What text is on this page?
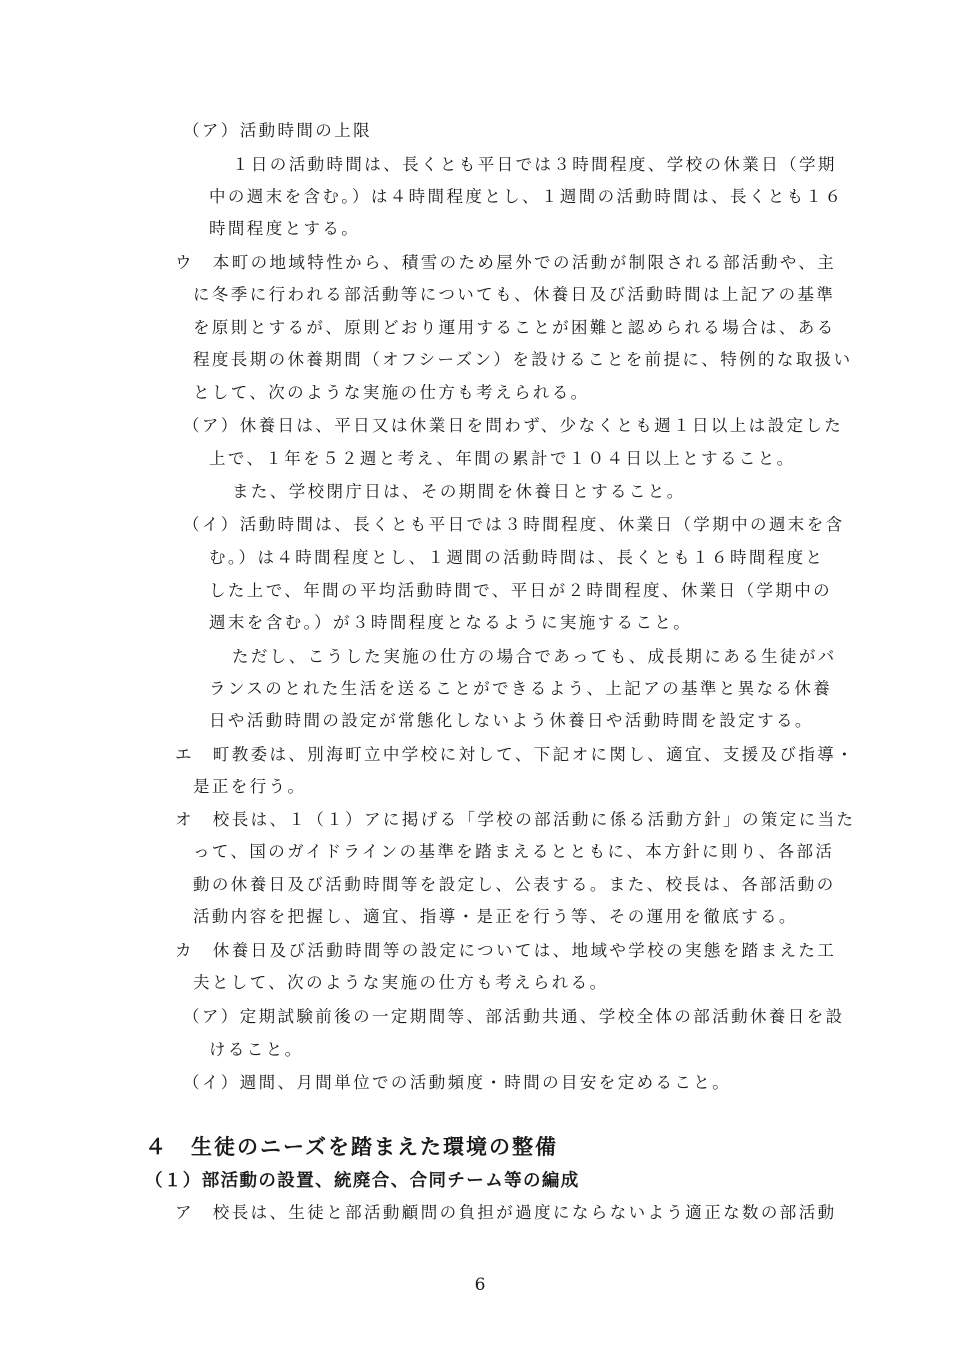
（ア）活動時間の上限
１日の活動時間は、長くとも平日では３時間程度、学校の休業日（学期
中の週末を含む。）は４時間程度とし、１週間の活動時間は、長くとも１６
時間程度とする。
ウ　本町の地域特性から、積雪のため屋外での活動が制限される部活動や、主
に冬季に行われる部活動等についても、休養日及び活動時間は上記アの基準
を原則とするが、原則どおり運用することが困難と認められる場合は、ある
程度長期の休養期間（オフシーズン）を設けることを前提に、特例的な取扱い
として、次のような実施の仕方も考えられる。
（ア）休養日は、平日又は休業日を問わず、少なくとも週１日以上は設定した
上で、１年を５２週と考え、年間の累計で１０４日以上とすること。
また、学校閉庁日は、その期間を休養日とすること。
（イ）活動時間は、長くとも平日では３時間程度、休業日（学期中の週末を含
む。）は４時間程度とし、１週間の活動時間は、長くとも１６時間程度と
した上で、年間の平均活動時間で、平日が２時間程度、休業日（学期中の
週末を含む。）が３時間程度となるように実施すること。
ただし、こうした実施の仕方の場合であっても、成長期にある生徒がバ
ランスのとれた生活を送ることができるよう、上記アの基準と異なる休養
日や活動時間の設定が常態化しないよう休養日や活動時間を設定する。
エ　町教委は、別海町立中学校に対して、下記オに関し、適宜、支援及び指導・
是正を行う。
オ　校長は、１（１）アに掲げる「学校の部活動に係る活動方針」の策定に当た
って、国のガイドラインの基準を踏まえるとともに、本方針に則り、各部活
動の休養日及び活動時間等を設定し、公表する。また、校長は、各部活動の
活動内容を把握し、適宜、指導・是正を行う等、その運用を徹底する。
カ　休養日及び活動時間等の設定については、地域や学校の実態を踏まえた工
夫として、次のような実施の仕方も考えられる。
（ア）定期試験前後の一定期間等、部活動共通、学校全体の部活動休養日を設
けること。
（イ）週間、月間単位での活動頻度・時間の目安を定めること。
４　生徒のニーズを踏まえた環境の整備
（１）部活動の設置、統廃合、合同チーム等の編成
ア　校長は、生徒と部活動顧問の負担が過度にならないよう適正な数の部活動
6
